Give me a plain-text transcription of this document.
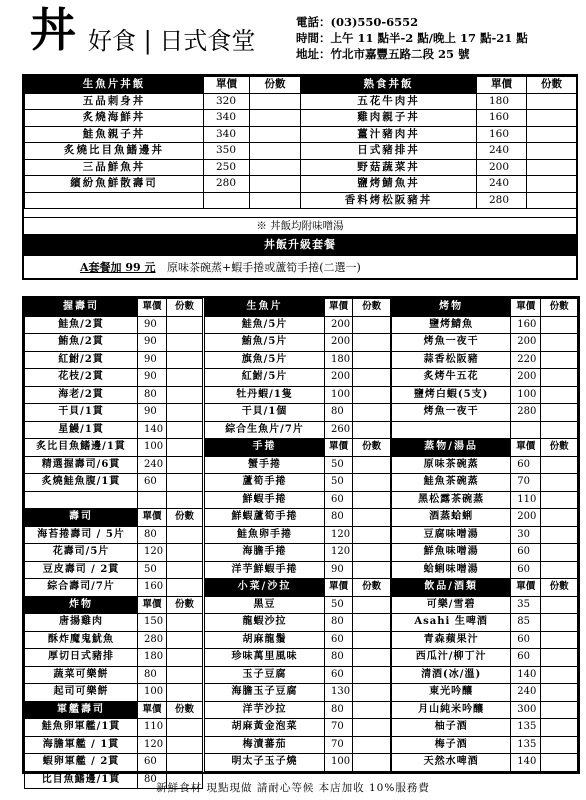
丼 好食 | 日式食堂
電話：(03)550-6552
時間：上午 11 點半-2 點/晚上 17 點-21 點
地址：竹北市嘉豐五路二段 25 號
生魚片丼飯	單價	份數	熟食丼飯	單價	份數
五品刺身丼	320		五花牛肉丼	180	
炙燒海鮮丼	340		雞肉親子丼	160	
鮭魚親子丼	340		薑汁豬肉丼	160	
炙燒比目魚鰭邊丼	350		日式豬排丼	240	
三品鮮魚丼	250		野菇蔬菜丼	200	
繽紛魚鮮散壽司	280		鹽烤鯖魚丼	240	
			香料烤松阪豬丼	280	
※ 丼飯均附味噌湯
丼飯升級套餐
A套餐加 99 元 原味茶碗蒸+蝦手捲或蘆筍手捲(二選一)
握壽司	單價	份數
鮭魚/2貫	90	
鮪魚/2貫	90	
紅鮒/2貫	90	
花枝/2貫	90	
海老/2貫	80	
干貝/1貫	90	
星鰻/1貫	140	
炙比目魚鰭邊/1貫	100	
精選握壽司/6貫	240	
炙燒鮭魚腹/1貫	60	

壽司	單價	份數
海苔捲壽司 / 5片	80	
花壽司/5片	120	
豆皮壽司 / 2貫	50	
綜合壽司/7片	160	
炸物	單價	份數
唐揚雞肉	150	
酥炸魔鬼魷魚	280	
厚切日式豬排	180	
蔬菜可樂餅	80	
起司可樂餅	100	
軍艦壽司	單價	份數
鮭魚卵軍艦/1貫	110	
海膽軍艦 / 1貫	120	
蝦卵軍艦 / 2貫	60	
比目魚鰭邊/1貫	80	
生魚片	單價	份數
鮭魚/5片	200	
鮪魚/5片	200	
旗魚/5片	180	
紅鮒/5片	200	
牡丹蝦/1隻	100	
干貝/1個	80	
綜合生魚片/7片	260	
手捲	單價	份數
蟹手捲	50	
蘆筍手捲	50	
鮮蝦手捲	60	
鮮蝦蘆筍手捲	80	
鮭魚卵手捲	120	
海膽手捲	120	
洋芋鮮蝦手捲	90	
小菜/沙拉	單價	份數
黑豆	50	
龍蝦沙拉	80	
胡麻龍鬚	60	
珍味萬里風味	80	
玉子豆腐	60	
海膽玉子豆腐	130	
洋芋沙拉	80	
胡麻黃金泡菜	70	
梅漬蕃茄	70	
明太子玉子燒	100	
烤物	單價	份數
鹽烤鯖魚	160	
烤魚一夜干	200	
蒜香松阪豬	220	
炙烤牛五花	200	
鹽烤白蝦(5支)	100	
烤魚一夜干	280	

蒸物/湯品	單價	份數
原味茶碗蒸	60	
鮭魚茶碗蒸	70	
黑松露茶碗蒸	110	
酒蒸蛤蜊	200	
豆腐味噌湯	30	
鮮魚味噌湯	60	
蛤蜊味噌湯	60	
飲品/酒類	單價	份數
可樂/雪碧	35	
Asahi 生啤酒	85	
青森蘋果汁	60	
西瓜汁/柳丁汁	60	
清酒(冰/溫)	140	
東光吟釀	240	
月山純米吟釀	300	
柚子酒	135	
梅子酒	135	
天然水啤酒	140	
新鮮食材 現點現做 請耐心等候 本店加收 10%服務費
